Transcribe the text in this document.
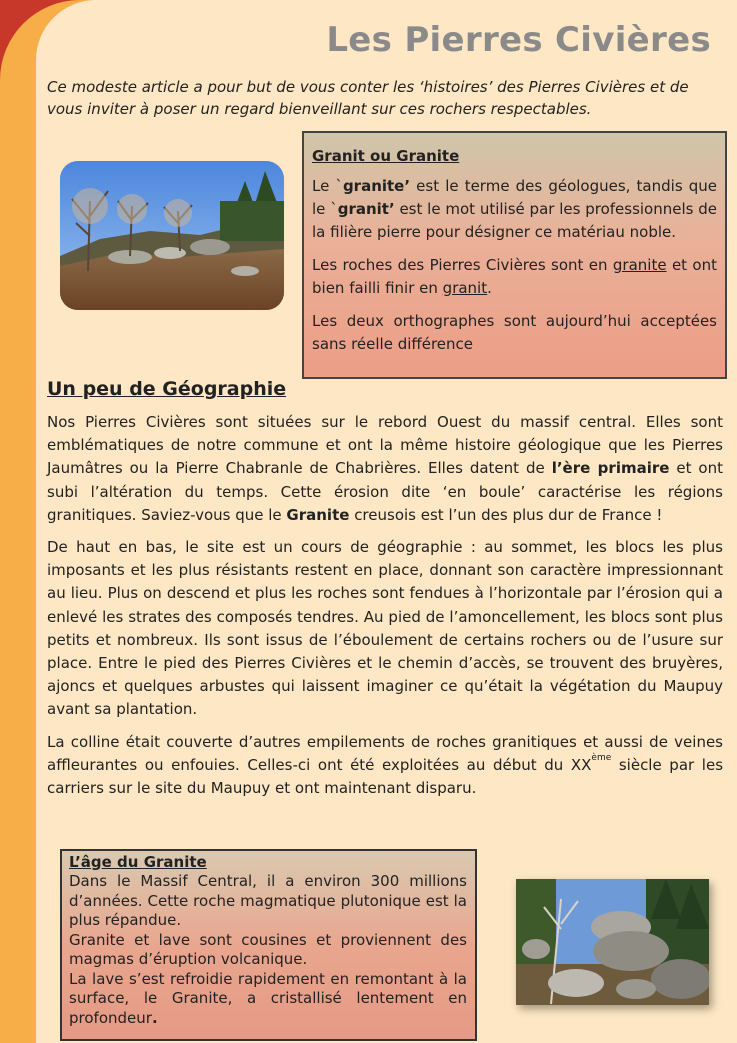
Les Pierres Civières

Ce modeste article a pour but de vous conter les ‘histoires’ des Pierres Civières et de vous inviter à poser un regard bienveillant sur ces rochers respectables.

Granit ou Granite

Le `granite’ est le terme des géologues, tandis que le `granit’ est le mot utilisé par les professionnels de la filière pierre pour désigner ce matériau noble.

Les roches des Pierres Civières sont en granite et ont bien failli finir en granit.

Les deux orthographes sont aujourd’hui acceptées sans réelle différence

Un peu de Géographie

Nos Pierres Civières sont situées sur le rebord Ouest du massif central. Elles sont emblématiques de notre commune et ont la même histoire géologique que les Pierres Jaumâtres ou la Pierre Chabranle de Chabrières. Elles datent de l’ère primaire et ont subi l’altération du temps. Cette érosion dite ‘en boule’ caractérise les régions granitiques. Saviez-vous que le Granite creusois est l’un des plus dur de France !

De haut en bas, le site est un cours de géographie : au sommet, les blocs les plus imposants et les plus résistants restent en place, donnant son caractère impressionnant au lieu. Plus on descend et plus les roches sont fendues à l’horizontale par l’érosion qui a enlevé les strates des composés tendres. Au pied de l’amoncellement, les blocs sont plus petits et nombreux. Ils sont issus de l’éboulement de certains rochers ou de l’usure sur place. Entre le pied des Pierres Civières et le chemin d’accès, se trouvent des bruyères, ajoncs et quelques arbustes qui laissent imaginer ce qu’était la végétation du Maupuy avant sa plantation.

La colline était couverte d’autres empilements de roches granitiques et aussi de veines affleurantes ou enfouies. Celles-ci ont été exploitées au début du XXème siècle par les carriers sur le site du Maupuy et ont maintenant disparu.

L’âge du Granite

Dans le Massif Central, il a environ 300 millions d’années. Cette roche magmatique plutonique est la plus répandue.

Granite et lave sont cousines et proviennent des magmas d’éruption volcanique.

La lave s’est refroidie rapidement en remontant à la surface, le Granite, a cristallisé lentement en profondeur.
